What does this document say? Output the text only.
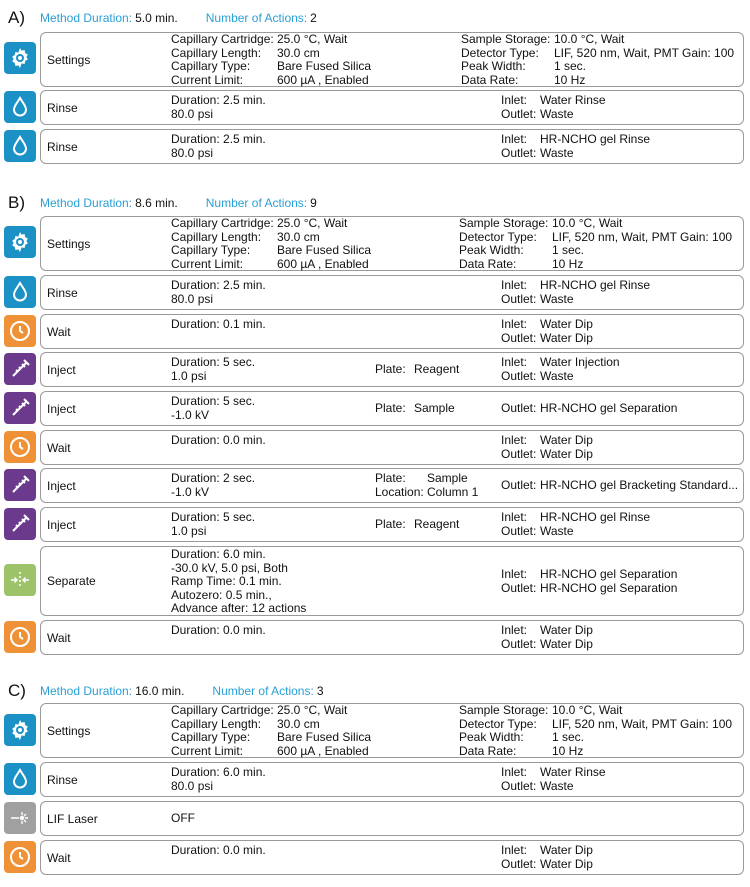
A)	Method Duration: 5.0 min. Number of Actions: 2
Settings
Capillary Cartridge: 25.0 °C, Wait
Capillary Length:	30.0 cm
Capillary Type:	Bare Fused Silica
Current Limit:	600 µA , Enabled
Sample Storage: 10.0 °C, Wait
Detector Type:	LIF, 520 nm, Wait, PMT Gain: 100
Peak Width:	1 sec.
Data Rate:	10 Hz
Rinse
Duration: 2.5 min.
80.0 psi
Inlet:	Water Rinse
Outlet: Waste
Rinse
Duration: 2.5 min.
80.0 psi
Inlet:	HR-NCHO gel Rinse
Outlet: Waste
B)	Method Duration: 8.6 min. Number of Actions: 9
Settings
Capillary Cartridge: 25.0 °C, Wait
Capillary Length:	30.0 cm
Capillary Type:	Bare Fused Silica
Current Limit:	600 µA , Enabled
Sample Storage: 10.0 °C, Wait
Detector Type:	LIF, 520 nm, Wait, PMT Gain: 100
Peak Width:	1 sec.
Data Rate:	10 Hz
Rinse
Duration: 2.5 min.
80.0 psi
Inlet:	HR-NCHO gel Rinse
Outlet: Waste
Wait
Duration: 0.1 min.	Inlet:	Water Dip
Outlet: Water Dip
Inject
Duration: 5 sec.
1.0 psi	Plate: Reagent	Inlet:	Water Injection
Outlet: Waste
Inject
Duration: 5 sec.
-1.0 kV	Plate: Sample	Outlet: HR-NCHO gel Separation
Wait
Duration: 0.0 min.	Inlet:	Water Dip
Outlet: Water Dip
Inject
Duration: 2 sec.
-1.0 kV
Plate:	Sample
Location: Column 1 Outlet: HR-NCHO gel Bracketing Standard...
Inject
Duration: 5 sec.
1.0 psi	Plate: Reagent	Inlet:	HR-NCHO gel Rinse
Outlet: Waste
Separate
Duration: 6.0 min.
-30.0 kV, 5.0 psi, Both
Ramp Time: 0.1 min.
Autozero: 0.5 min.,
Advance after: 12 actions
Inlet:	HR-NCHO gel Separation
Outlet: HR-NCHO gel Separation
Wait
Duration: 0.0 min.	Inlet:	Water Dip
Outlet: Water Dip
C)	Method Duration: 16.0 min. Number of Actions: 3
Settings
Capillary Cartridge: 25.0 °C, Wait
Capillary Length:	30.0 cm
Capillary Type:	Bare Fused Silica
Current Limit:	600 µA , Enabled
Sample Storage: 10.0 °C, Wait
Detector Type:	LIF, 520 nm, Wait, PMT Gain: 100
Peak Width:	1 sec.
Data Rate:	10 Hz
Rinse
Duration: 6.0 min.
80.0 psi
Inlet:	Water Rinse
Outlet: Waste
LIF Laser	OFF
Wait
Duration: 0.0 min.	Inlet:	Water Dip
Outlet: Water Dip
